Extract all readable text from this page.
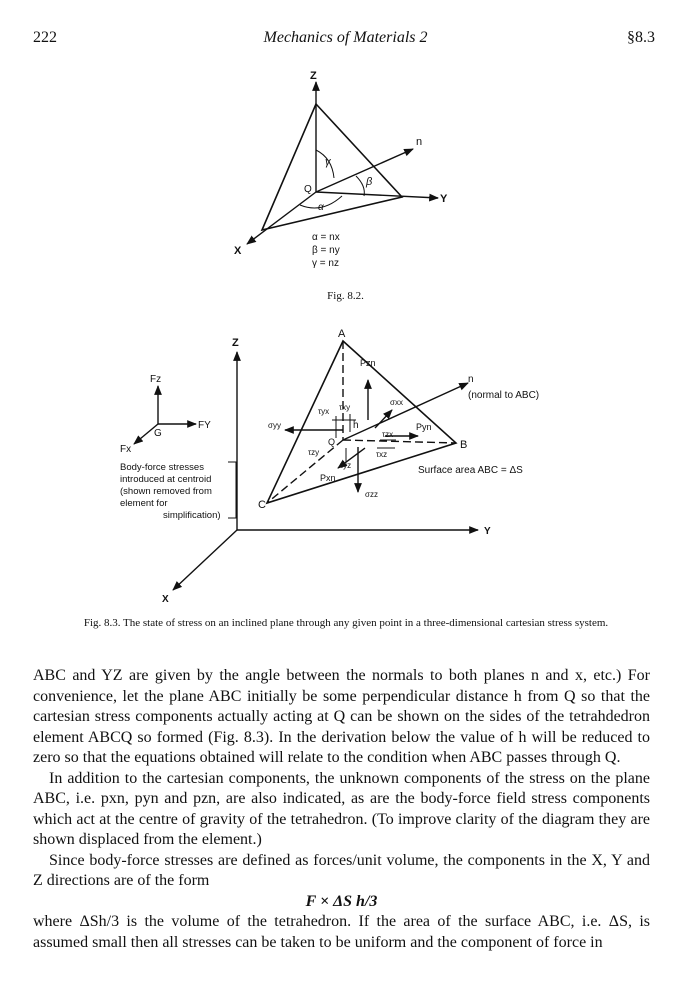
222	Mechanics of Materials 2	§8.3
Z
n
Y
X
Q
γ
β
α
α = nx
β = ny
γ = nz
Z
Y
X
A
B
C
n
(normal to ABC)
Surface area ABC = ΔS
h
Q
σyy
σzz
σxx
τyx τxy
τzy
τyz
τzx
τxz
Pzn
Pyn
Pxn
Fz
FY
Fx
G
Body-force stresses
introduced at centroid
(shown removed from
element for
simplification)
Fig. 8.2.
Fig. 8.3. The state of stress on an inclined plane through any given point in a three-dimensional cartesian stress system.

ABC and YZ are given by the angle between the normals to both planes n and x, etc.) For convenience, let the plane ABC initially be some perpendicular distance h from Q so that the cartesian stress components actually acting at Q can be shown on the sides of the tetrahdedron element ABCQ so formed (Fig. 8.3). In the derivation below the value of h will be reduced to zero so that the equations obtained will relate to the condition when ABC passes through Q.

In addition to the cartesian components, the unknown components of the stress on the plane ABC, i.e. pxn, pyn and pzn, are also indicated, as are the body-force field stress components which act at the centre of gravity of the tetrahedron. (To improve clarity of the diagram they are shown displaced from the element.)

Since body-force stresses are defined as forces/unit volume, the components in the X, Y and Z directions are of the form

F × ΔS h/3

where ΔSh/3 is the volume of the tetrahedron. If the area of the surface ABC, i.e. ΔS, is assumed small then all stresses can be taken to be uniform and the component of force in
